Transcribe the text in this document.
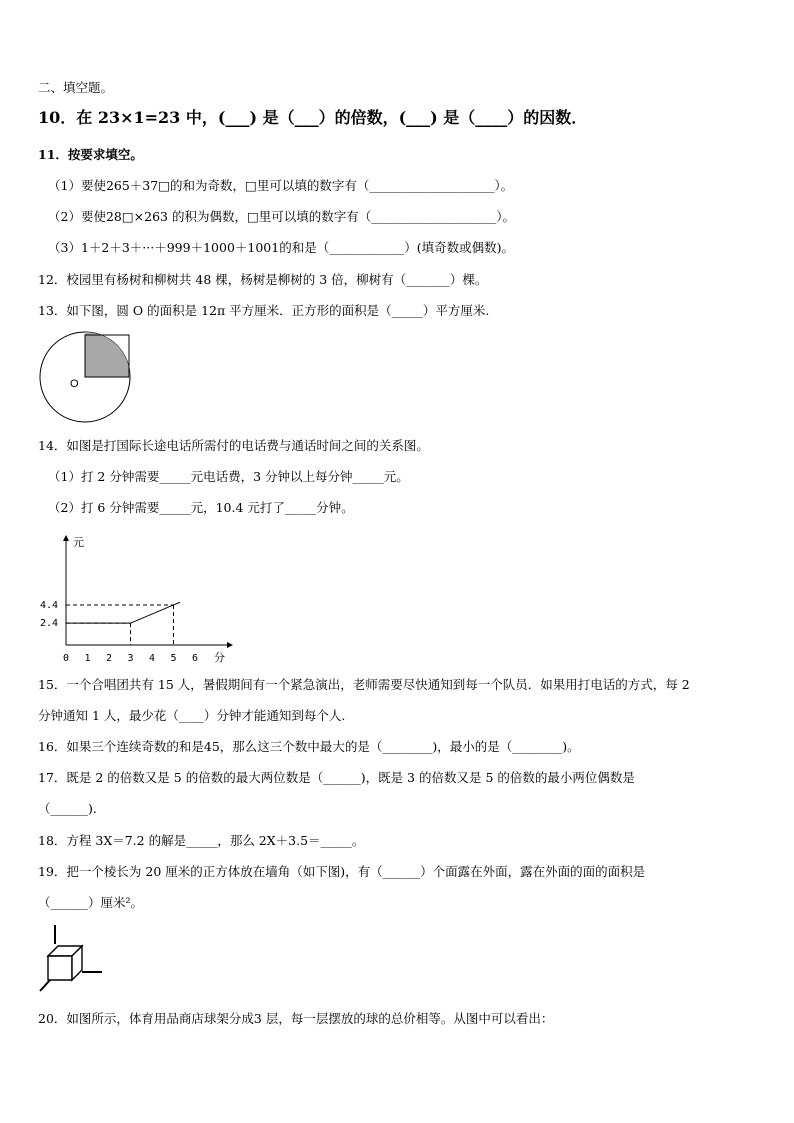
二、填空题。
10．在 23×1=23 中，(___) 是（___）的倍数，(___) 是（____）的因数．
11．按要求填空。
（1）要使265＋37□的和为奇数，□里可以填的数字有（____________________）。
（2）要使28□×263 的积为偶数，□里可以填的数字有（____________________）。
（3）1＋2＋3＋···＋999＋1000＋1001的和是（____________）(填奇数或偶数)。
12．校园里有杨树和柳树共 48 棵，杨树是柳树的 3 倍，柳树有（_______）棵。
13．如下图，圆 O 的面积是 12π 平方厘米．正方形的面积是（_____）平方厘米.
O
14．如图是打国际长途电话所需付的电话费与通话时间之间的关系图。
（1）打 2 分钟需要_____元电话费，3 分钟以上每分钟_____元。
（2）打 6 分钟需要_____元，10.4 元打了_____分钟。
元
分
0 1 2 3 4 5 6
2.4
4.4
15．一个合唱团共有 15 人，暑假期间有一个紧急演出，老师需要尽快通知到每一个队员．如果用打电话的方式，每 2
分钟通知 1 人，最少花（____）分钟才能通知到每个人.
16．如果三个连续奇数的和是45，那么这三个数中最大的是（________)，最小的是（________)。
17．既是 2 的倍数又是 5 的倍数的最大两位数是（______)，既是 3 的倍数又是 5 的倍数的最小两位偶数是
（______).
18．方程 3X＝7.2 的解是_____，那么 2X＋3.5＝_____。
19．把一个棱长为 20 厘米的正方体放在墙角（如下图)，有（______）个面露在外面，露在外面的面的面积是
（______）厘米²。
20．如图所示，体育用品商店球架分成3 层，每一层摆放的球的总价相等。从图中可以看出：
